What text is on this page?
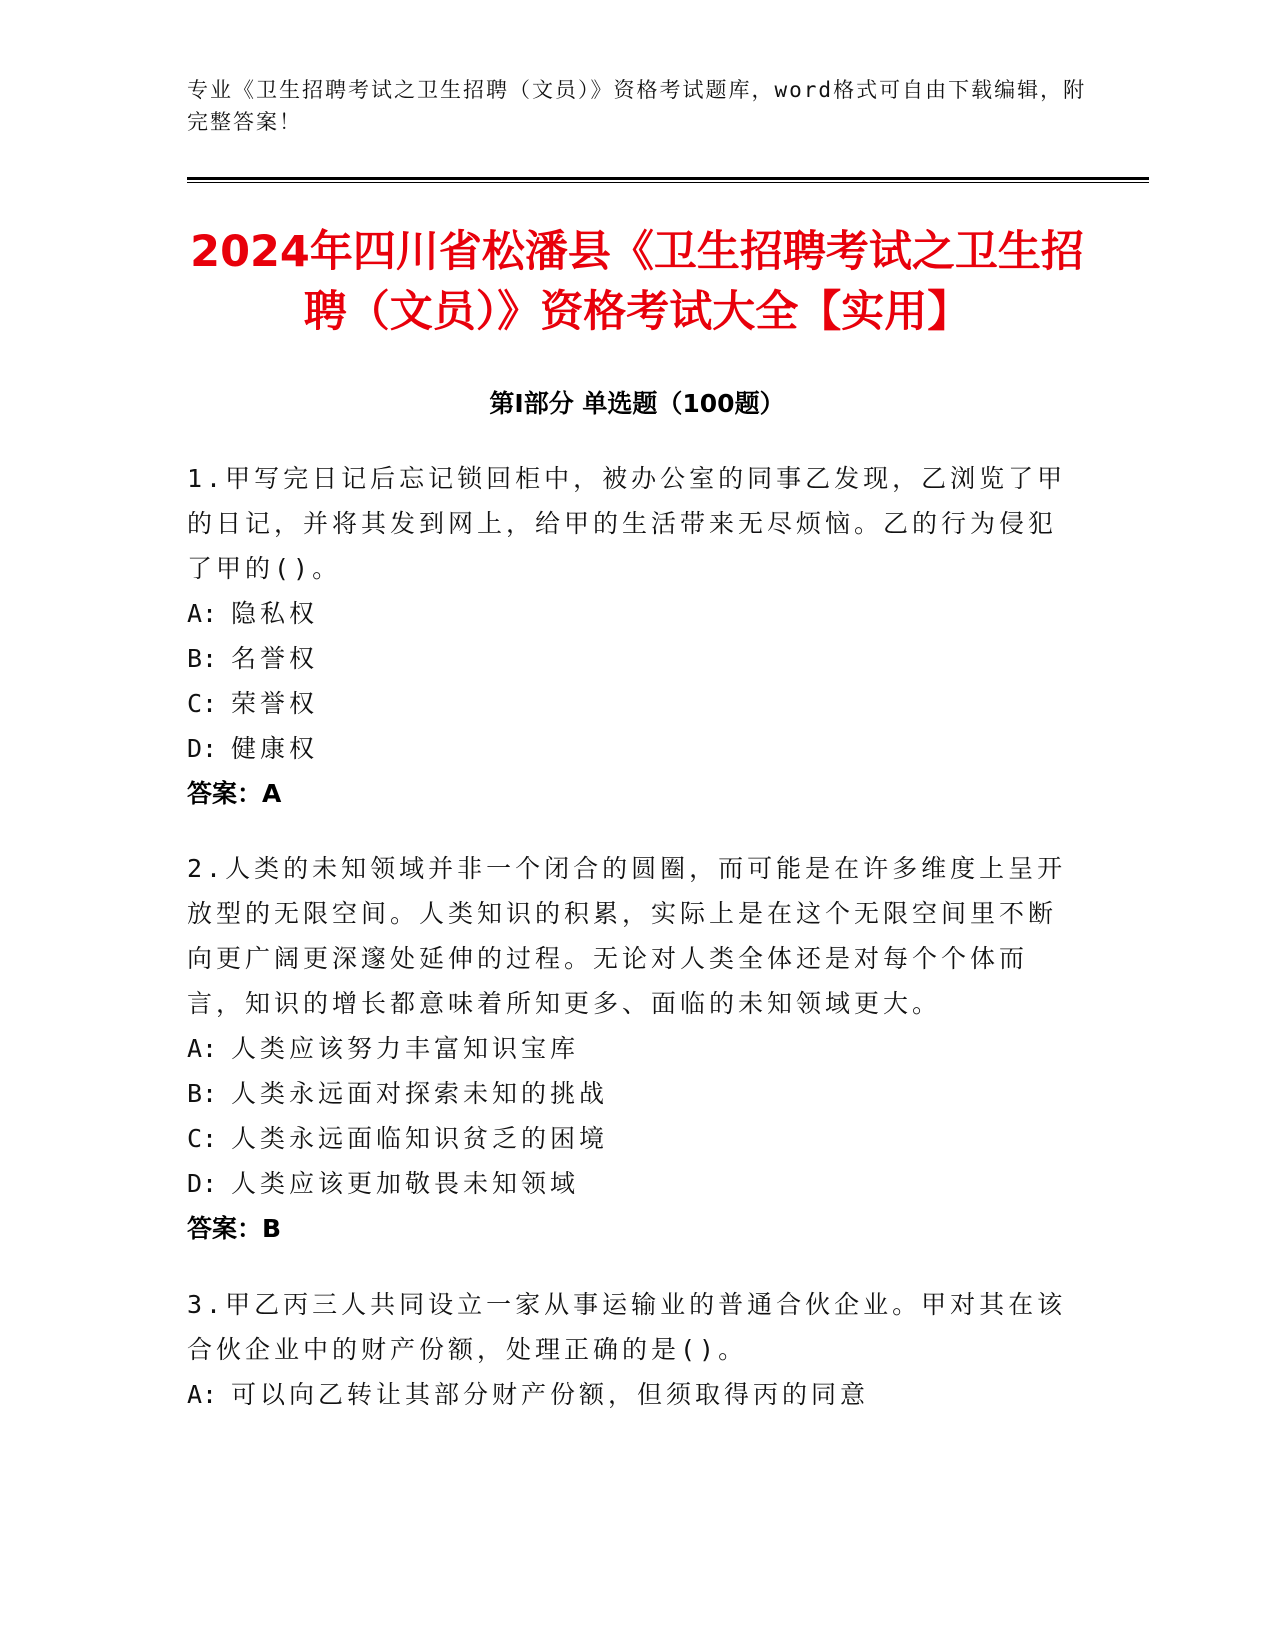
专业《卫生招聘考试之卫生招聘（文员）》资格考试题库，word格式可自由下载编辑，附完整答案！
2024年四川省松潘县《卫生招聘考试之卫生招聘（文员）》资格考试大全【实用】
第I部分 单选题（100题）
1.甲写完日记后忘记锁回柜中，被办公室的同事乙发现，乙浏览了甲的日记，并将其发到网上，给甲的生活带来无尽烦恼。乙的行为侵犯了甲的()。
A: 隐私权
B: 名誉权
C: 荣誉权
D: 健康权
答案：A
2.人类的未知领域并非一个闭合的圆圈，而可能是在许多维度上呈开放型的无限空间。人类知识的积累，实际上是在这个无限空间里不断向更广阔更深邃处延伸的过程。无论对人类全体还是对每个个体而言，知识的增长都意味着所知更多、面临的未知领域更大。
A: 人类应该努力丰富知识宝库
B: 人类永远面对探索未知的挑战
C: 人类永远面临知识贫乏的困境
D: 人类应该更加敬畏未知领域
答案：B
3.甲乙丙三人共同设立一家从事运输业的普通合伙企业。甲对其在该合伙企业中的财产份额，处理正确的是()。
A: 可以向乙转让其部分财产份额，但须取得丙的同意
